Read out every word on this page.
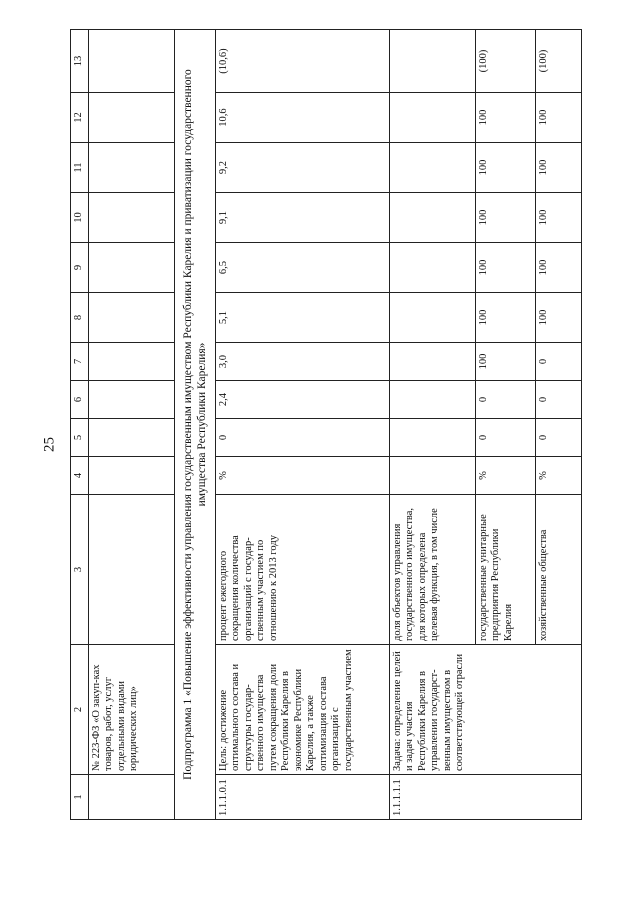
25
1	2	3	4	5	6	7	8	9	10	11	12	13
	№ 223-ФЗ «О закуп-ках товаров, работ, услуг отдельными видами юридических лиц»											
Подпрограмма 1 «Повышение эффективности управления государственным имуществом Республики Карелия и приватизации государственного имущества Республики Карелия»												
1.1.1.0.1	Цель: достижение оптимального состава и структуры государ-ственного имущества путем сокращения доли Республики Карелия в экономике Республики Карелия, а также оптимизация состава организаций с государственным участием	процент ежегодного сокращения количества организаций с государ-ственным участием по отношению к 2013 году	%	0	2,4	3,0	5,1	6,5	9,1	9,2	10,6	(10,6)
1.1.1.1.1	Задача: определение целей и задач участия Республики Карелия в управлении государст-венным имуществом в соответствующей отрасли	доля объектов управления государственного имущества, для которых определена целевая функция, в том числе										
		государственные унитарные предприятия Республики Карелия	%	0	0	100	100	100	100	100	100	(100)
		хозяйственные общества	%	0	0	0	100	100	100	100	100	(100)
